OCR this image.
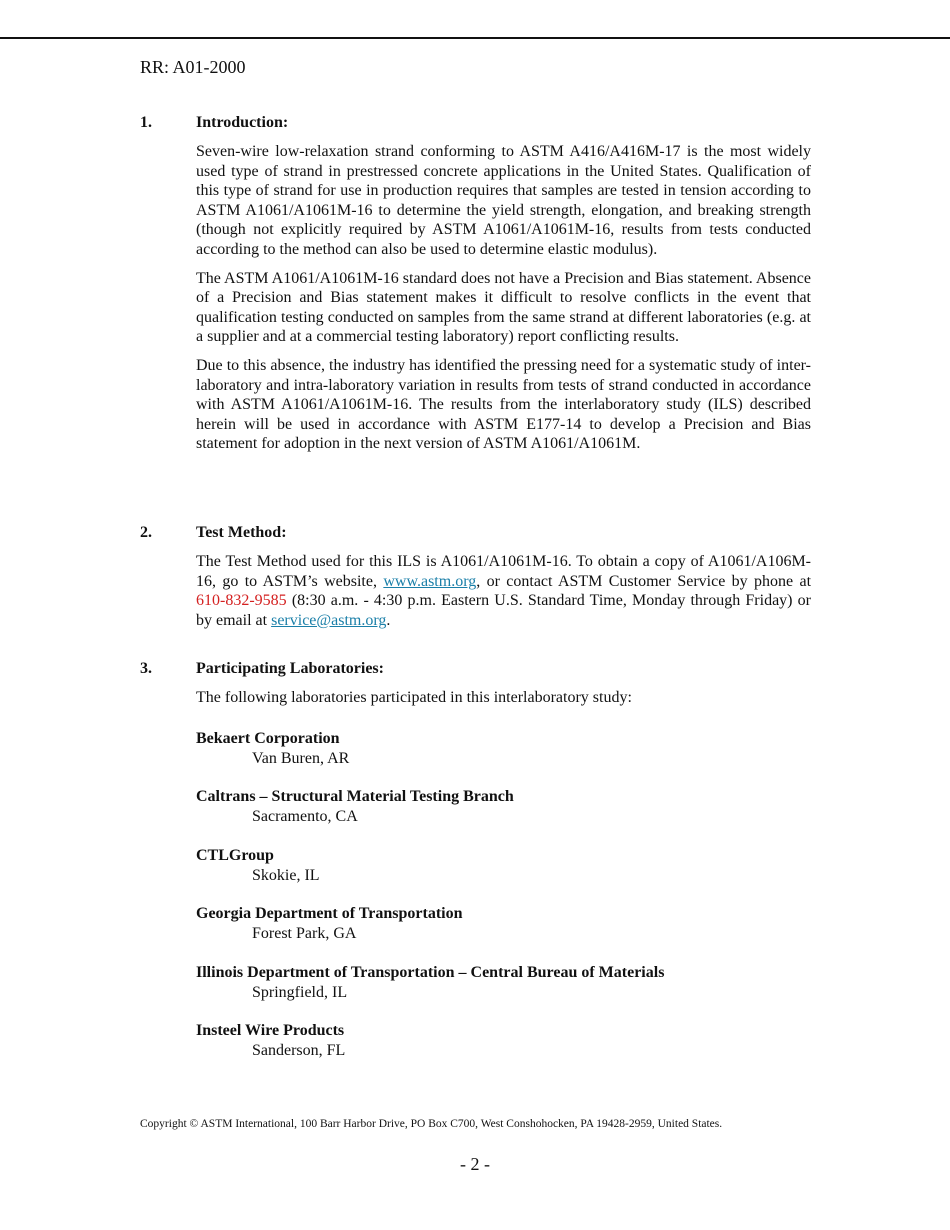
RR: A01-2000
1.	Introduction:

Seven-wire low-relaxation strand conforming to ASTM A416/A416M-17 is the most widely used type of strand in prestressed concrete applications in the United States. Qualification of this type of strand for use in production requires that samples are tested in tension according to ASTM A1061/A1061M-16 to determine the yield strength, elongation, and breaking strength (though not explicitly required by ASTM A1061/A1061M-16, results from tests conducted according to the method can also be used to determine elastic modulus).

The ASTM A1061/A1061M-16 standard does not have a Precision and Bias statement. Absence of a Precision and Bias statement makes it difficult to resolve conflicts in the event that qualification testing conducted on samples from the same strand at different laboratories (e.g. at a supplier and at a commercial testing laboratory) report conflicting results.

Due to this absence, the industry has identified the pressing need for a systematic study of inter-laboratory and intra-laboratory variation in results from tests of strand conducted in accordance with ASTM A1061/A1061M-16. The results from the interlaboratory study (ILS) described herein will be used in accordance with ASTM E177-14 to develop a Precision and Bias statement for adoption in the next version of ASTM A1061/A1061M.

2.	Test Method:

The Test Method used for this ILS is A1061/A1061M-16. To obtain a copy of A1061/A106M-16, go to ASTM’s website, www.astm.org, or contact ASTM Customer Service by phone at 610-832-9585 (8:30 a.m. - 4:30 p.m. Eastern U.S. Standard Time, Monday through Friday) or by email at service@astm.org.

3.	Participating Laboratories:

The following laboratories participated in this interlaboratory study:

Bekaert Corporation
Van Buren, AR
Caltrans – Structural Material Testing Branch
Sacramento, CA
CTLGroup
Skokie, IL
Georgia Department of Transportation
Forest Park, GA
Illinois Department of Transportation – Central Bureau of Materials
Springfield, IL
Insteel Wire Products
Sanderson, FL
Copyright © ASTM International, 100 Barr Harbor Drive, PO Box C700, West Conshohocken, PA 19428-2959, United States.
- 2 -
